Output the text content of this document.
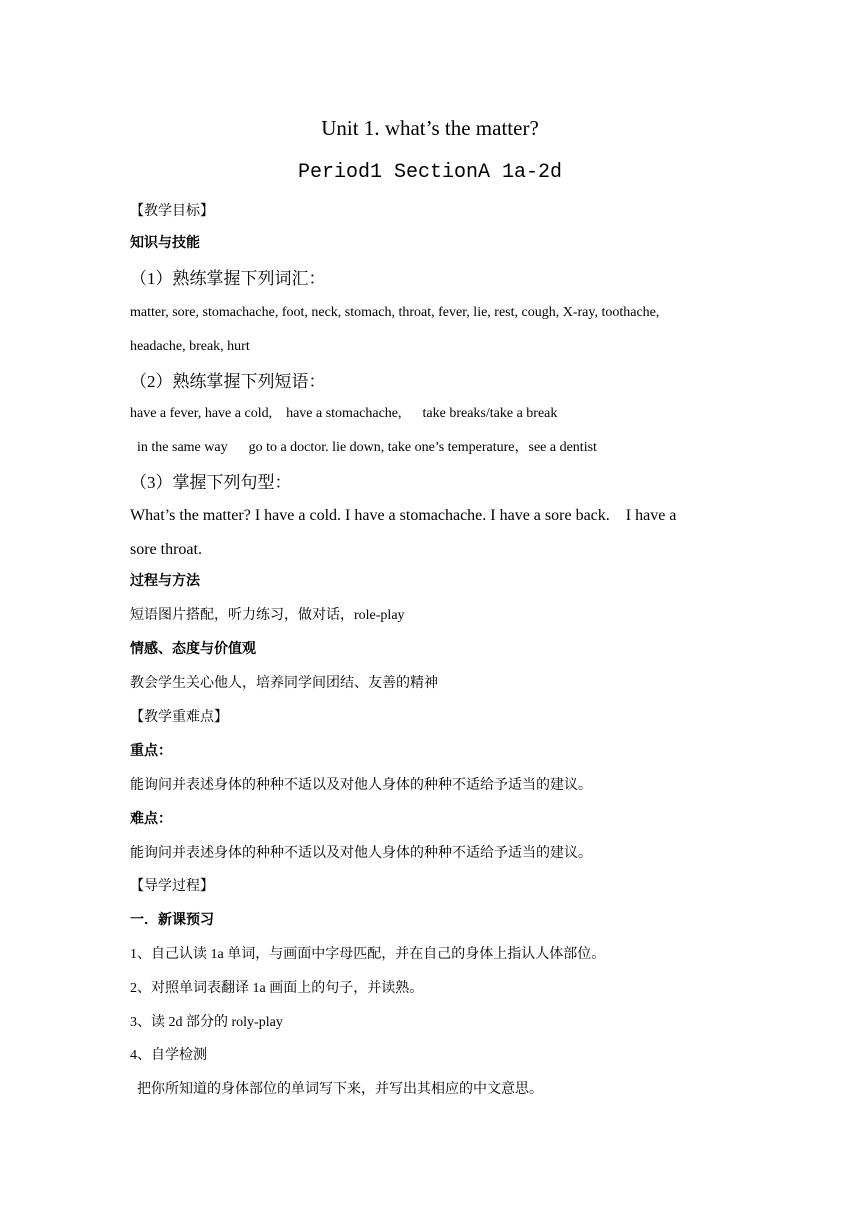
Unit 1. what’s the matter?
Period1 SectionA 1a-2d
【教学目标】
知识与技能
（1）熟练掌握下列词汇：
matter, sore, stomachache, foot, neck, stomach, throat, fever, lie, rest, cough, X-ray, toothache,
headache, break, hurt
（2）熟练掌握下列短语：
have a fever, have a cold,    have a stomachache,      take breaks/take a break
in the same way      go to a doctor. lie down, take one’s temperature，see a dentist
（3）掌握下列句型：
What’s the matter? I have a cold. I have a stomachache. I have a sore back.    I have a
sore throat.
过程与方法
短语图片搭配，听力练习，做对话，role-play
情感、态度与价值观
教会学生关心他人，培养同学间团结、友善的精神
【教学重难点】
重点：
能询问并表述身体的种种不适以及对他人身体的种种不适给予适当的建议。
难点：
能询问并表述身体的种种不适以及对他人身体的种种不适给予适当的建议。
【导学过程】
一．新课预习
1、自己认读 1a 单词，与画面中字母匹配，并在自己的身体上指认人体部位。
2、对照单词表翻译 1a 画面上的句子，并读熟。
3、读 2d 部分的 roly-play
4、自学检测
把你所知道的身体部位的单词写下来，并写出其相应的中文意思。
